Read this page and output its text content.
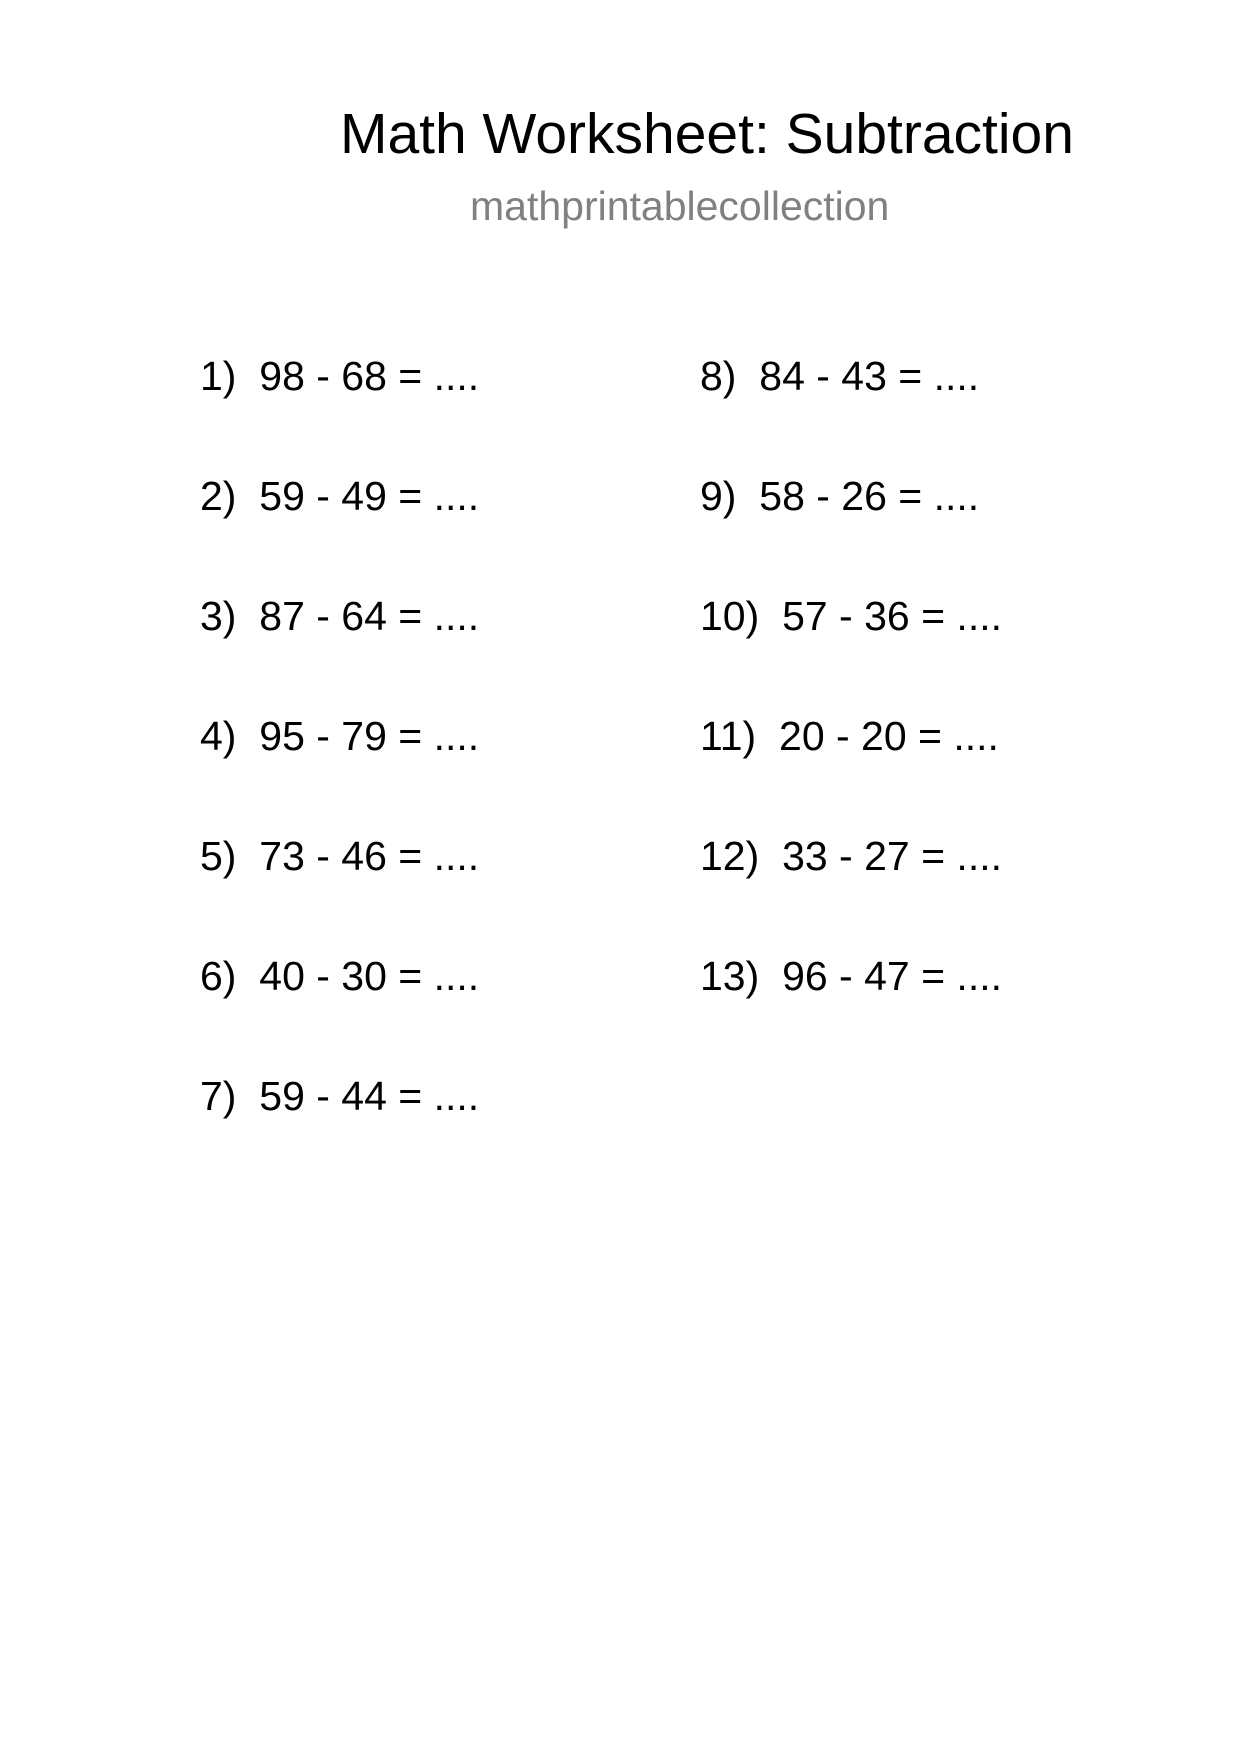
Math Worksheet: Subtraction
mathprintablecollection
1) 98 - 68 = ....
2) 59 - 49 = ....
3) 87 - 64 = ....
4) 95 - 79 = ....
5) 73 - 46 = ....
6) 40 - 30 = ....
7) 59 - 44 = ....
8) 84 - 43 = ....
9) 58 - 26 = ....
10) 57 - 36 = ....
11) 20 - 20 = ....
12) 33 - 27 = ....
13) 96 - 47 = ....
